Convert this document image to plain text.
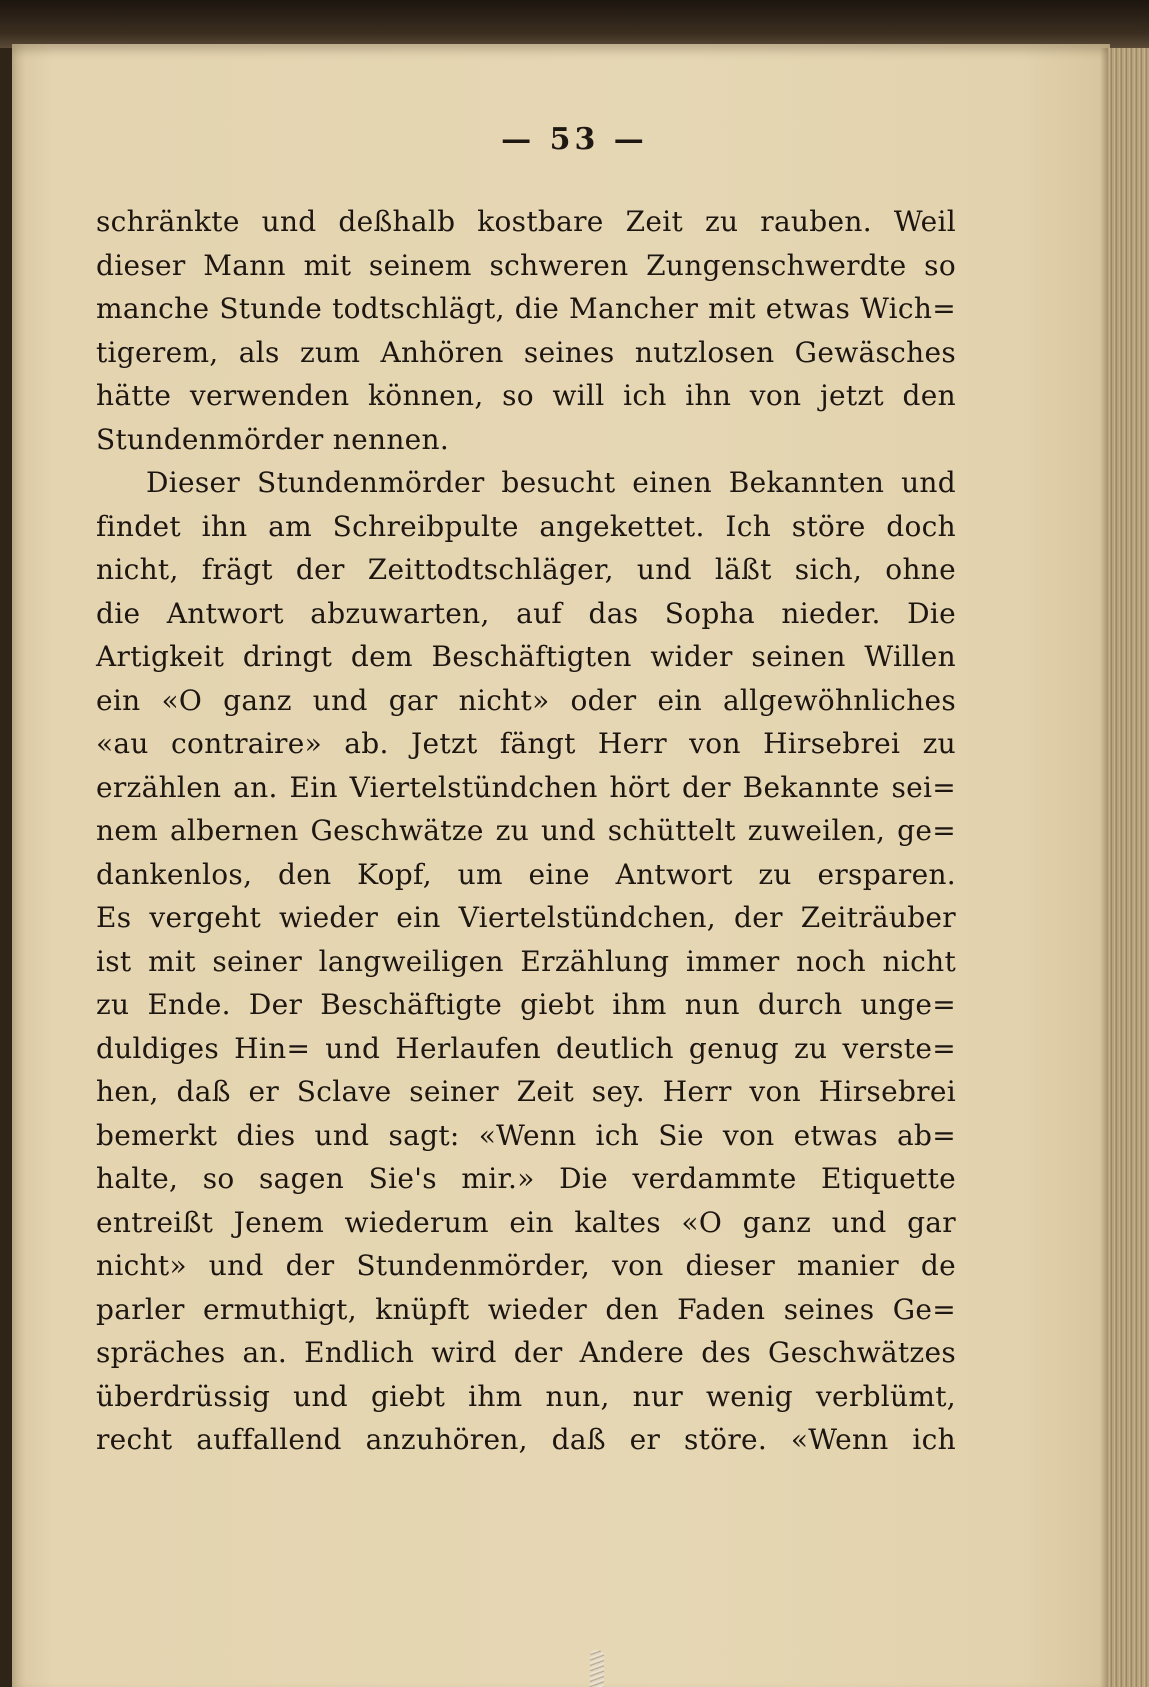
— 53 —
schränkte und deßhalb kostbare Zeit zu rauben. Weil
dieser Mann mit seinem schweren Zungenschwerdte so
manche Stunde todtschlägt, die Mancher mit etwas Wich=
tigerem, als zum Anhören seines nutzlosen Gewäsches
hätte verwenden können, so will ich ihn von jetzt den
Stundenmörder nennen.
Dieser Stundenmörder besucht einen Bekannten und
findet ihn am Schreibpulte angekettet. Ich störe doch
nicht, frägt der Zeittodtschläger, und läßt sich, ohne
die Antwort abzuwarten, auf das Sopha nieder. Die
Artigkeit dringt dem Beschäftigten wider seinen Willen
ein «O ganz und gar nicht» oder ein allgewöhnliches
«au contraire» ab. Jetzt fängt Herr von Hirsebrei zu
erzählen an. Ein Viertelstündchen hört der Bekannte sei=
nem albernen Geschwätze zu und schüttelt zuweilen, ge=
dankenlos, den Kopf, um eine Antwort zu ersparen.
Es vergeht wieder ein Viertelstündchen, der Zeiträuber
ist mit seiner langweiligen Erzählung immer noch nicht
zu Ende. Der Beschäftigte giebt ihm nun durch unge=
duldiges Hin= und Herlaufen deutlich genug zu verste=
hen, daß er Sclave seiner Zeit sey. Herr von Hirsebrei
bemerkt dies und sagt: «Wenn ich Sie von etwas ab=
halte, so sagen Sie's mir.» Die verdammte Etiquette
entreißt Jenem wiederum ein kaltes «O ganz und gar
nicht» und der Stundenmörder, von dieser manier de
parler ermuthigt, knüpft wieder den Faden seines Ge=
spräches an. Endlich wird der Andere des Geschwätzes
überdrüssig und giebt ihm nun, nur wenig verblümt,
recht auffallend anzuhören, daß er störe. «Wenn ich
